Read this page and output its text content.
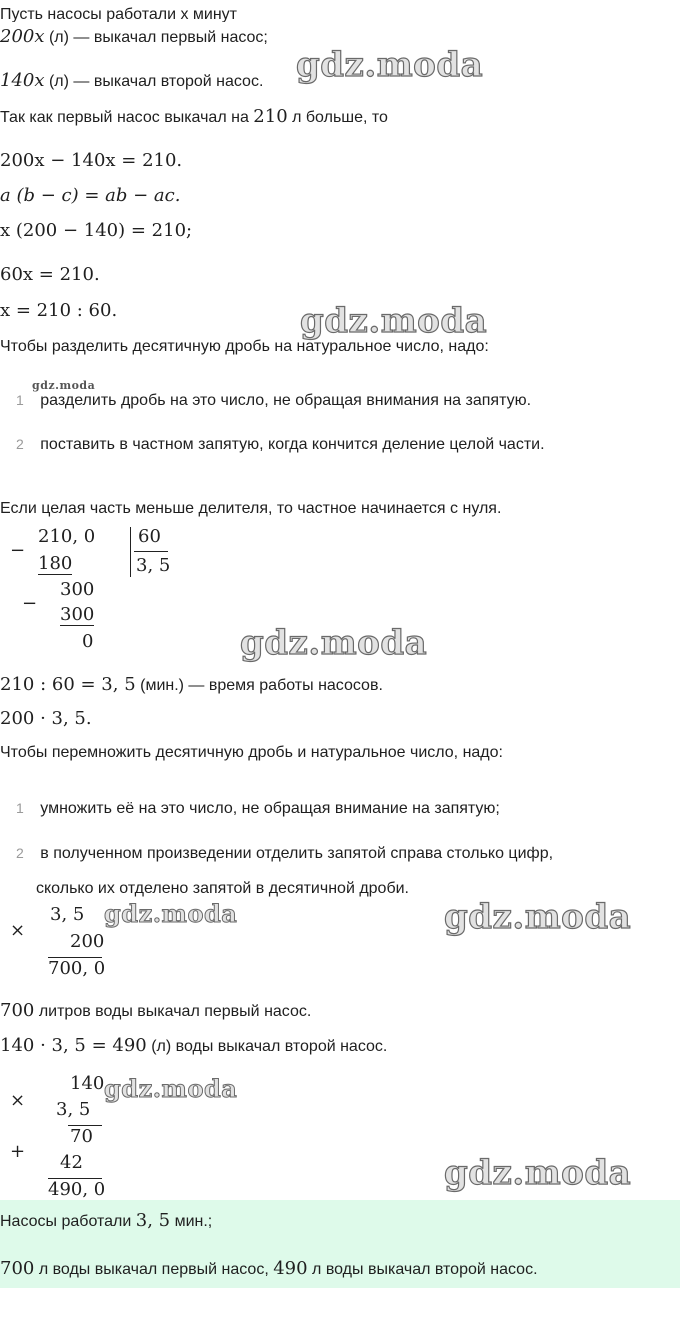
Пусть насосы работали x минут
200x (л) — выкачал первый насос;
140x (л) — выкачал второй насос.
Так как первый насос выкачал на 210 л больше, то
200x − 140x = 210.
a (b − c) = ab − ac.
x (200 − 140) = 210;
60x = 210.
x = 210 : 60.
Чтобы разделить десятичную дробь на натуральное число, надо:
1 разделить дробь на это число, не обращая внимания на запятую.
2 поставить в частном запятую, когда кончится деление целой части.
Если целая часть меньше делителя, то частное начинается с нуля.
−
210, 0
180
−
300
300
0
60
3, 5
210 : 60 = 3, 5 (мин.) — время работы насосов.
200 · 3, 5.
Чтобы перемножить десятичную дробь и натуральное число, надо:
1 умножить её на это число, не обращая внимание на запятую;
2 в полученном произведении отделить запятой справа столько цифр,
сколько их отделено запятой в десятичной дроби.
×
3, 5
200
700, 0
700 литров воды выкачал первый насос.
140 · 3, 5 = 490 (л) воды выкачал второй насос.
×
140
3, 5
70
+
42
490, 0
Насосы работали 3, 5 мин.;
700 л воды выкачал первый насос, 490 л воды выкачал второй насос.
gdz.moda
gdz.moda
gdz.moda
gdz.moda
gdz.moda	gdz.moda
gdz.moda
gdz.moda
